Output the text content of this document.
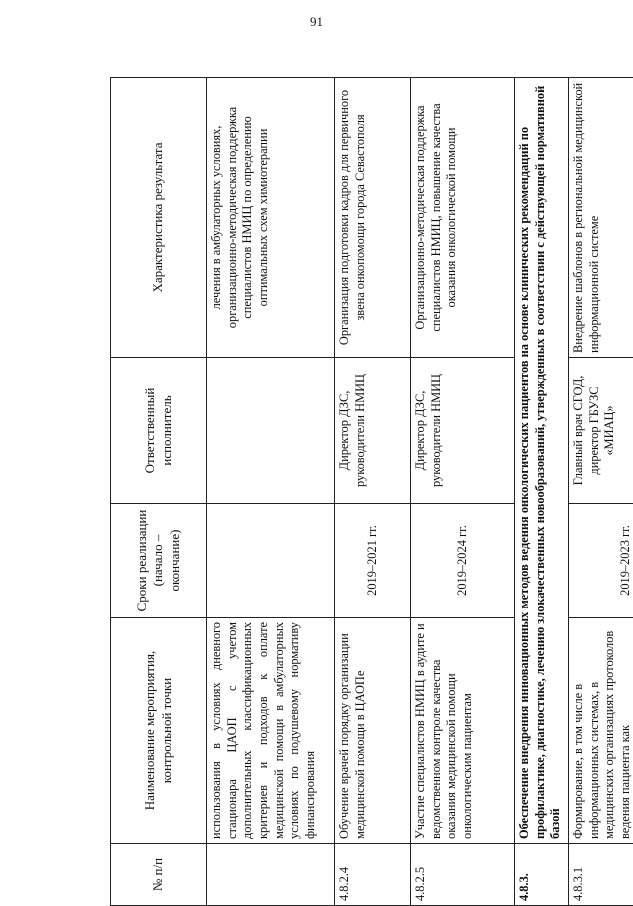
91
№ п/п	Наименование мероприятия, контрольной точки	Сроки реализации (начало – окончание)	Ответственный исполнитель	Характеристика результата
	использования в условиях дневного стационара ЦАОП с учетом дополнительных классификационных критериев и подходов к оплате медицинской помощи в амбулаторных условиях по подушевому нормативу финансирования			лечения в амбулаторных условиях, организационно-методическая поддержка специалистов НМИЦ по определению оптимальных схем химиотерапии
4.8.2.4	Обучение врачей порядку организации медицинской помощи в ЦАОПе	2019–2021 гг.	Директор ДЗС, руководители НМИЦ	Организация подготовки кадров для первичного звена онкопомощи города Севастополя
4.8.2.5	Участие специалистов НМИЦ в аудите и ведомственном контроле качества оказания медицинской помощи онкологическим пациентам	2019–2024 гг.	Директор ДЗС, руководители НМИЦ	Организационно-методическая поддержка специалистов НМИЦ, повышение качества оказания онкологической помощи
4.8.3.	Обеспечение внедрения инновационных методов ведения онкологических пациентов на основе клинических рекомендаций по профилактике, диагностике, лечению злокачественных новообразований, утвержденных в соответствии с действующей нормативной базой			
4.8.3.1	Формирование, в том числе в информационных системах, в медицинских организациях протоколов ведения пациента как	2019–2023 гг.	Главный врач СГОД, директор ГБУЗС «МИАЦ»	Внедрение шаблонов в региональной медицинской информационной системе
